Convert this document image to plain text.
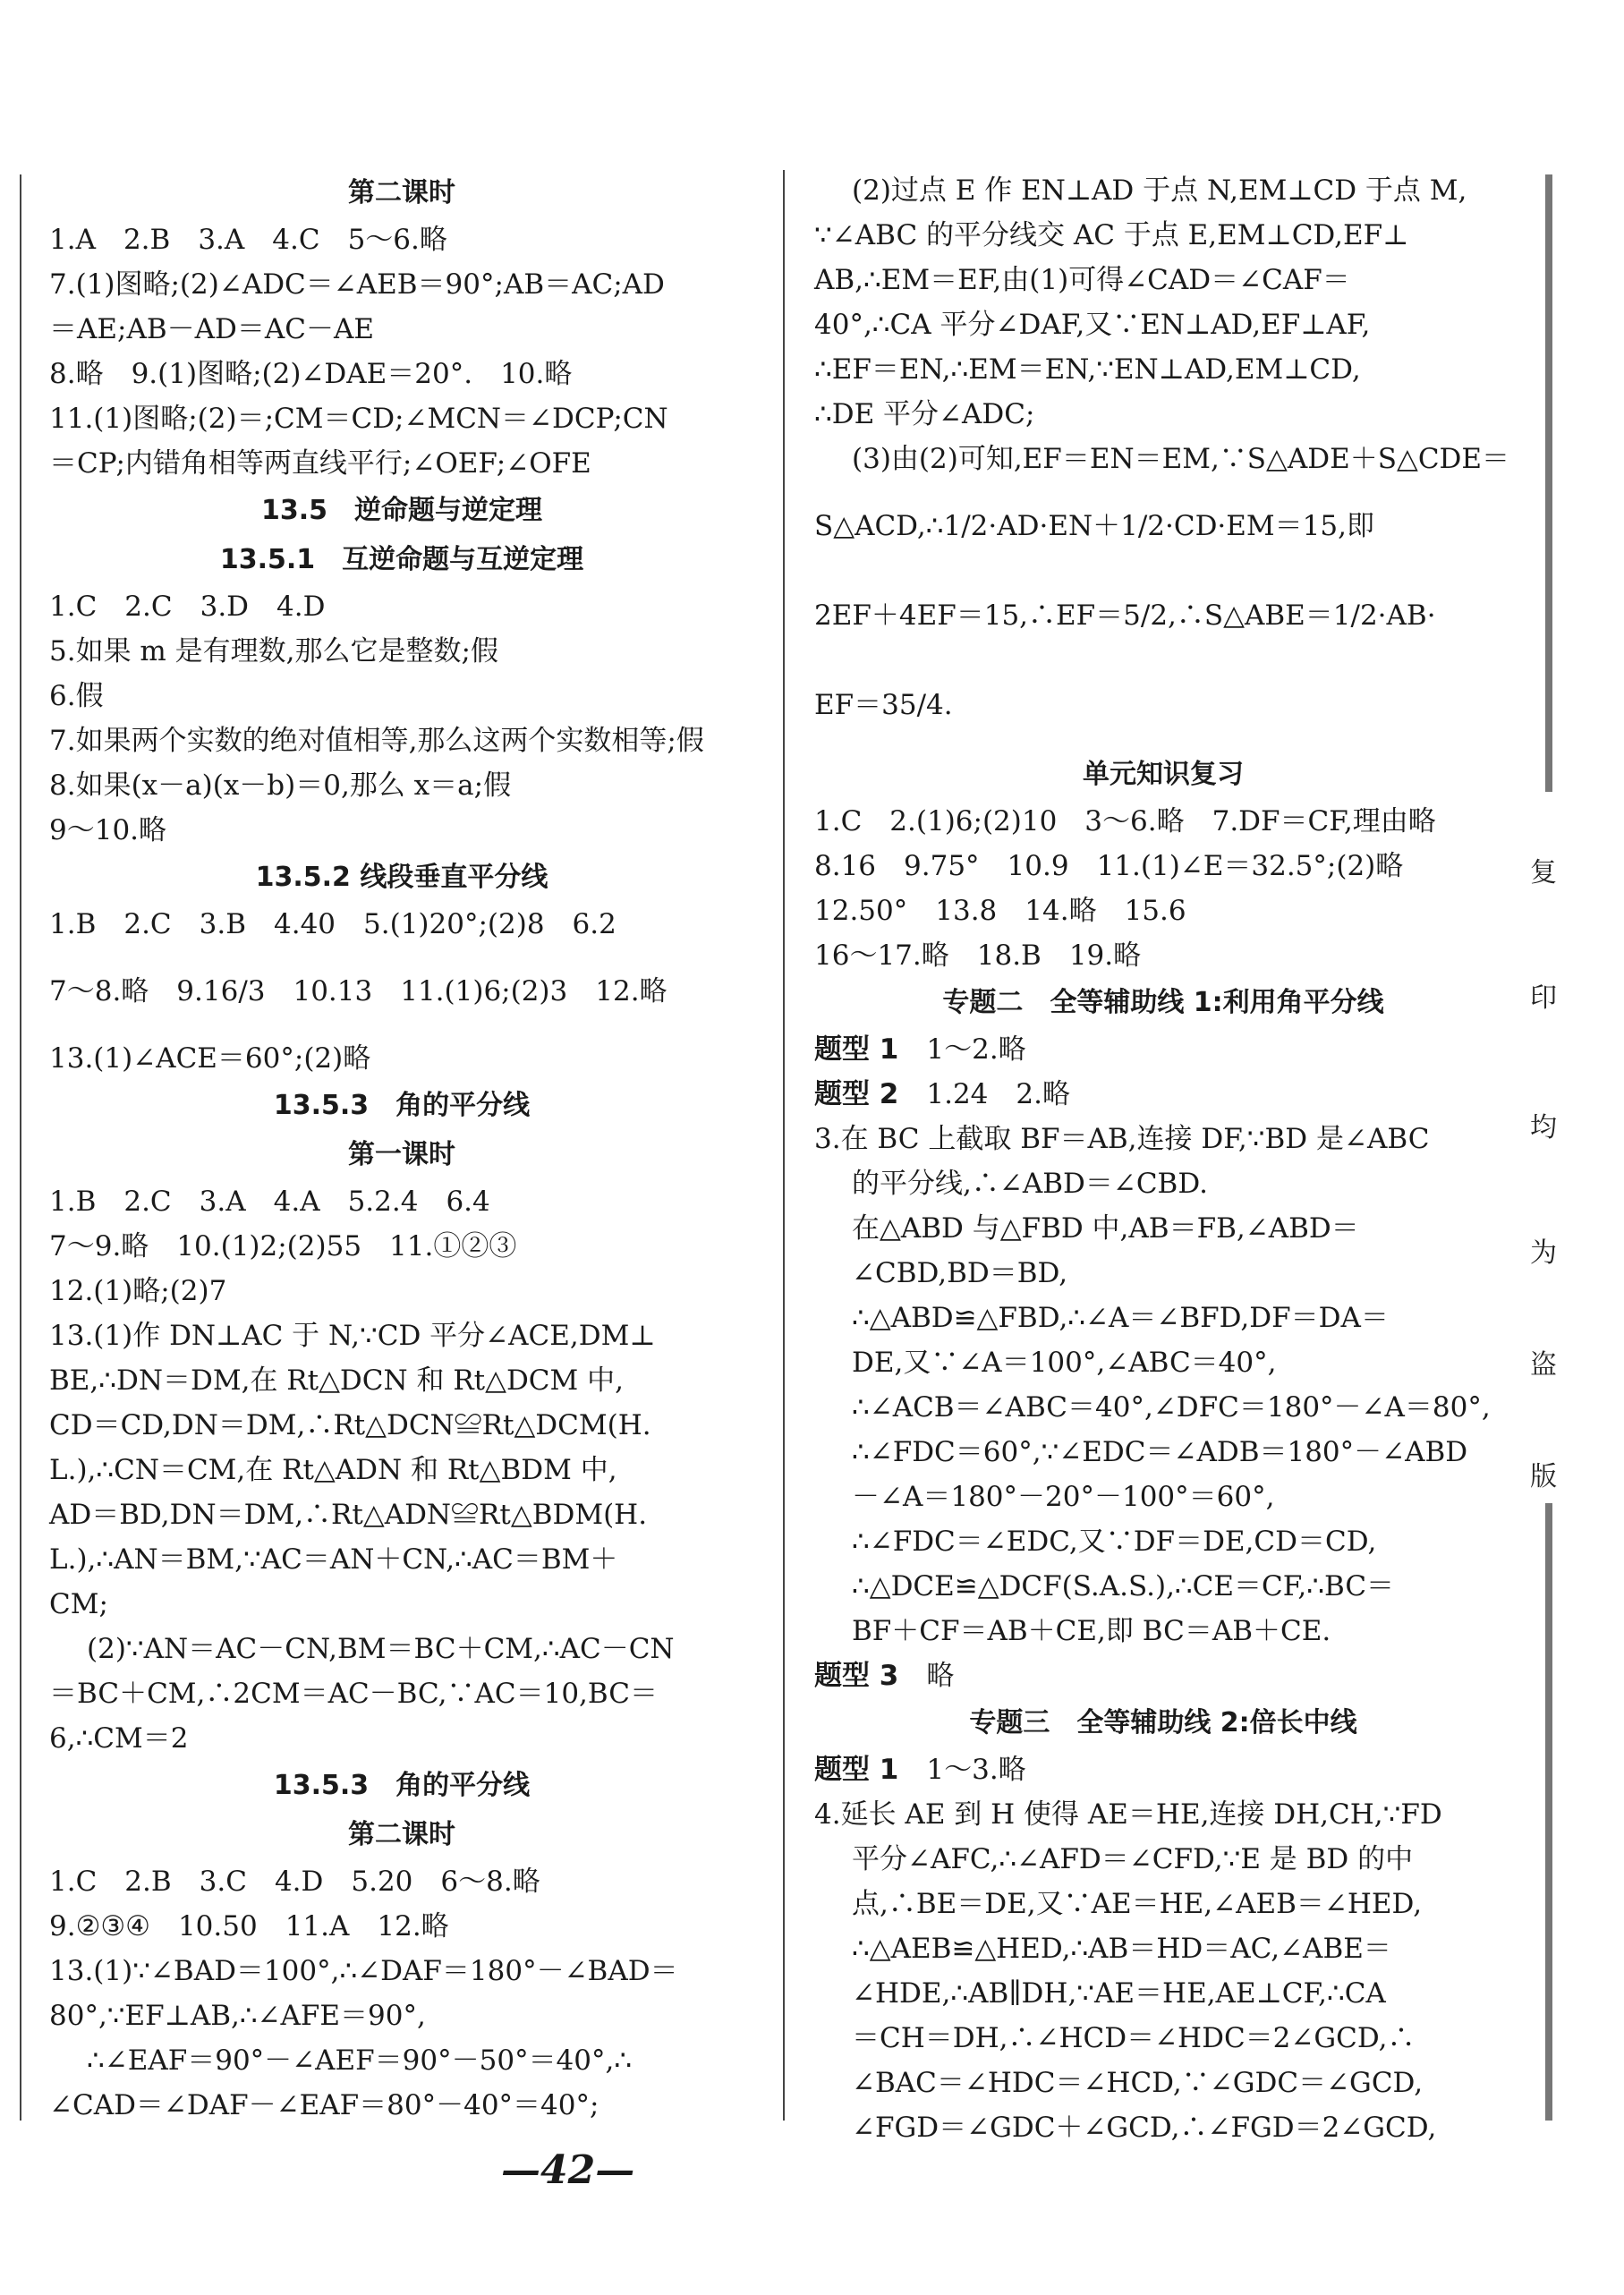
第二课时
1.A　2.B　3.A　4.C　5～6.略
7.(1)图略;(2)∠ADC＝∠AEB＝90°;AB＝AC;AD
＝AE;AB－AD＝AC－AE
8.略　9.(1)图略;(2)∠DAE＝20°.　10.略
11.(1)图略;(2)＝;CM＝CD;∠MCN＝∠DCP;CN
＝CP;内错角相等两直线平行;∠OEF;∠OFE
13.5　逆命题与逆定理
13.5.1　互逆命题与互逆定理
1.C　2.C　3.D　4.D
5.如果 m 是有理数,那么它是整数;假
6.假
7.如果两个实数的绝对值相等,那么这两个实数相等;假
8.如果(x－a)(x－b)＝0,那么 x＝a;假
9～10.略
13.5.2 线段垂直平分线
1.B　2.C　3.B　4.40　5.(1)20°;(2)8　6.2
7～8.略　9.16/3　10.13　11.(1)6;(2)3　12.略
13.(1)∠ACE＝60°;(2)略
13.5.3　角的平分线
第一课时
1.B　2.C　3.A　4.A　5.2.4　6.4
7～9.略　10.(1)2;(2)55　11.①②③
12.(1)略;(2)7
13.(1)作 DN⊥AC 于 N,∵CD 平分∠ACE,DM⊥
BE,∴DN＝DM,在 Rt△DCN 和 Rt△DCM 中,
CD＝CD,DN＝DM,∴Rt△DCN≌Rt△DCM(H.
L.),∴CN＝CM,在 Rt△ADN 和 Rt△BDM 中,
AD＝BD,DN＝DM,∴Rt△ADN≌Rt△BDM(H.
L.),∴AN＝BM,∵AC＝AN＋CN,∴AC＝BM＋
CM;
(2)∵AN＝AC－CN,BM＝BC＋CM,∴AC－CN
＝BC＋CM,∴2CM＝AC－BC,∵AC＝10,BC＝
6,∴CM＝2
13.5.3　角的平分线
第二课时
1.C　2.B　3.C　4.D　5.20　6～8.略
9.②③④　10.50　11.A　12.略
13.(1)∵∠BAD＝100°,∴∠DAF＝180°－∠BAD＝
80°,∵EF⊥AB,∴∠AFE＝90°,
∴∠EAF＝90°－∠AEF＝90°－50°＝40°,∴
∠CAD＝∠DAF－∠EAF＝80°－40°＝40°;
(2)过点 E 作 EN⊥AD 于点 N,EM⊥CD 于点 M,
∵∠ABC 的平分线交 AC 于点 E,EM⊥CD,EF⊥
AB,∴EM＝EF,由(1)可得∠CAD＝∠CAF＝
40°,∴CA 平分∠DAF,又∵EN⊥AD,EF⊥AF,
∴EF＝EN,∴EM＝EN,∵EN⊥AD,EM⊥CD,
∴DE 平分∠ADC;
(3)由(2)可知,EF＝EN＝EM,∵S△ADE＋S△CDE＝
S△ACD,∴1/2·AD·EN＋1/2·CD·EM＝15,即
2EF＋4EF＝15,∴EF＝5/2,∴S△ABE＝1/2·AB·
EF＝35/4.
单元知识复习
1.C　2.(1)6;(2)10　3～6.略　7.DF＝CF,理由略
8.16　9.75°　10.9　11.(1)∠E＝32.5°;(2)略
12.50°　13.8　14.略　15.6
16～17.略　18.B　19.略
专题二　全等辅助线 1:利用角平分线
题型 1　1～2.略
题型 2　1.24　2.略
3.在 BC 上截取 BF＝AB,连接 DF,∵BD 是∠ABC
的平分线,∴∠ABD＝∠CBD.
在△ABD 与△FBD 中,AB＝FB,∠ABD＝
∠CBD,BD＝BD,
∴△ABD≌△FBD,∴∠A＝∠BFD,DF＝DA＝
DE,又∵∠A＝100°,∠ABC＝40°,
∴∠ACB＝∠ABC＝40°,∠DFC＝180°－∠A＝80°,
∴∠FDC＝60°,∵∠EDC＝∠ADB＝180°－∠ABD
－∠A＝180°－20°－100°＝60°,
∴∠FDC＝∠EDC,又∵DF＝DE,CD＝CD,
∴△DCE≌△DCF(S.A.S.),∴CE＝CF,∴BC＝
BF＋CF＝AB＋CE,即 BC＝AB＋CE.
题型 3　略
专题三　全等辅助线 2:倍长中线
题型 1　1～3.略
4.延长 AE 到 H 使得 AE＝HE,连接 DH,CH,∵FD
平分∠AFC,∴∠AFD＝∠CFD,∵E 是 BD 的中
点,∴BE＝DE,又∵AE＝HE,∠AEB＝∠HED,
∴△AEB≌△HED,∴AB＝HD＝AC,∠ABE＝
∠HDE,∴AB∥DH,∵AE＝HE,AE⊥CF,∴CA
＝CH＝DH,∴∠HCD＝∠HDC＝2∠GCD,∴
∠BAC＝∠HDC＝∠HCD,∵∠GDC＝∠GCD,
∠FGD＝∠GDC＋∠GCD,∴∠FGD＝2∠GCD,
复
印
均
为
盗
版
—42—
